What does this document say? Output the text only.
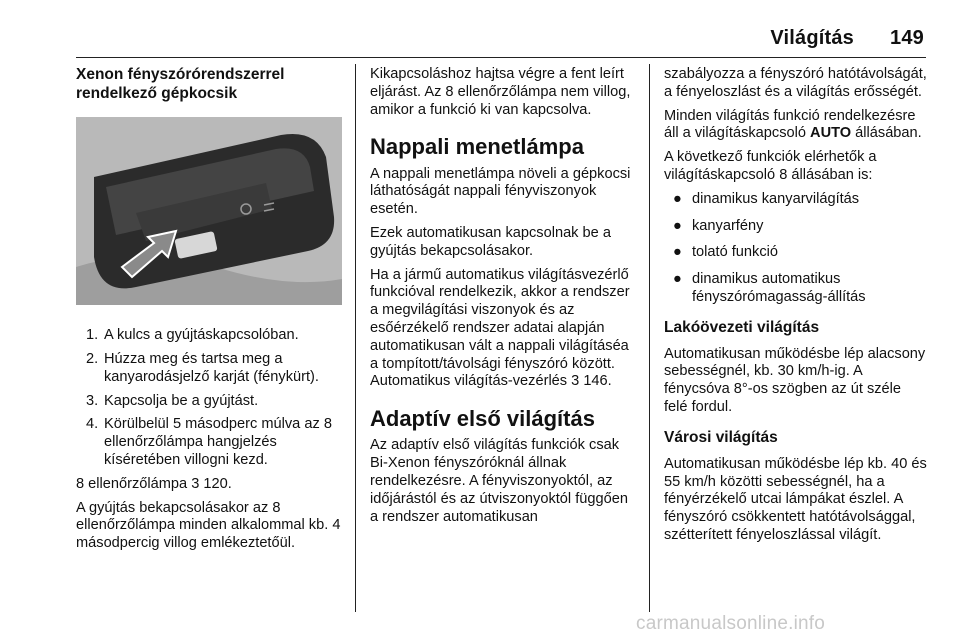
Világítás 149
Xenon fényszórórendszerrel rendelkező gépkocsik
1. A kulcs a gyújtáskapcsolóban.
2. Húzza meg és tartsa meg a kanyarodásjelző karját (fénykürt).
3. Kapcsolja be a gyújtást.
4. Körülbelül 5 másodperc múlva az 8 ellenőrzőlámpa hangjelzés kíséretében villogni kezd.

8 ellenőrzőlámpa 3 120.

A gyújtás bekapcsolásakor az 8 ellenőrzőlámpa minden alkalommal kb. 4 másodpercig villog emlékeztetőül.

Kikapcsoláshoz hajtsa végre a fent leírt eljárást. Az 8 ellenőrzőlámpa nem villog, amikor a funkció ki van kapcsolva.

Nappali menetlámpa

A nappali menetlámpa növeli a gépkocsi láthatóságát nappali fényviszonyok esetén.

Ezek automatikusan kapcsolnak be a gyújtás bekapcsolásakor.

Ha a jármű automatikus világításvezérlő funkcióval rendelkezik, akkor a rendszer a megvilágítási viszonyok és az esőérzékelő rendszer adatai alapján automatikusan vált a nappali világításéa a tompított/távolsági fényszóró között. Automatikus világítás-vezérlés 3 146.

Adaptív első világítás

Az adaptív első világítás funkciók csak Bi-Xenon fényszóróknál állnak rendelkezésre. A fényviszonyoktól, az időjárástól és az útviszonyoktól függően a rendszer automatikusan

szabályozza a fényszóró hatótávolságát, a fényeloszlást és a világítás erősségét.

Minden világítás funkció rendelkezésre áll a világításkapcsoló AUTO állásában.

A következő funkciók elérhetők a világításkapcsoló 8 állásában is:

● dinamikus kanyarvilágítás
● kanyarfény
● tolató funkció
● dinamikus automatikus fényszórómagasság-állítás
Lakóövezeti világítás

Automatikusan működésbe lép alacsony sebességnél, kb. 30 km/h-ig. A fénycsóva 8°-os szögben az út széle felé fordul.

Városi világítás

Automatikusan működésbe lép kb. 40 és 55 km/h közötti sebességnél, ha a fényérzékelő utcai lámpákat észlel. A fényszóró csökkentett hatótávolsággal, szétterített fényeloszlással világít.

carmanualsonline.info
